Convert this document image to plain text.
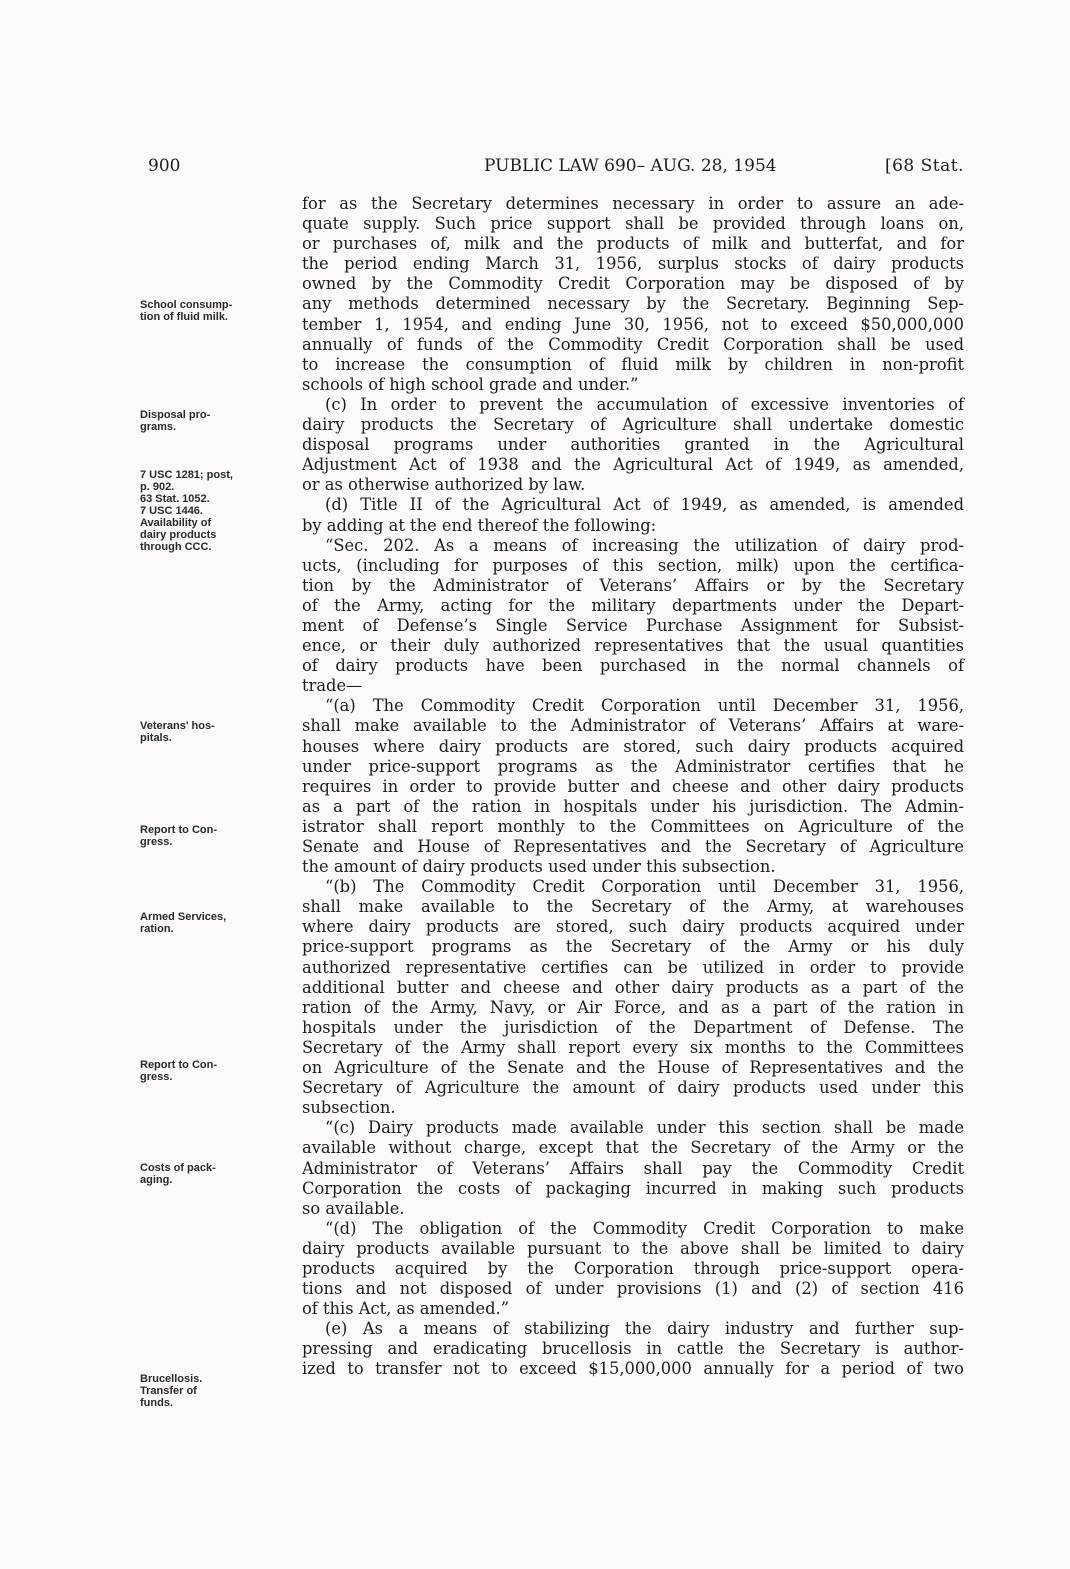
900	PUBLIC LAW 690– AUG. 28, 1954	[68 Stat.
School consump-
tion of fluid milk.
Disposal pro-
grams.
7 USC 1281; post,
p. 902.
63 Stat. 1052.
7 USC 1446.
Availability of
dairy products
through CCC.
Veterans' hos-
pitals.
Report to Con-
gress.
Armed Services,
ration.
Report to Con-
gress.
Costs of pack-
aging.
Brucellosis.
Transfer of
funds.
for as the Secretary determines necessary in order to assure an ade-
quate supply. Such price support shall be provided through loans on,
or purchases of, milk and the products of milk and butterfat, and for
the period ending March 31, 1956, surplus stocks of dairy products
owned by the Commodity Credit Corporation may be disposed of by
any methods determined necessary by the Secretary. Beginning Sep-
tember 1, 1954, and ending June 30, 1956, not to exceed $50,000,000
annually of funds of the Commodity Credit Corporation shall be used
to increase the consumption of fluid milk by children in non-profit
schools of high school grade and under.”
(c) In order to prevent the accumulation of excessive inventories of
dairy products the Secretary of Agriculture shall undertake domestic
disposal programs under authorities granted in the Agricultural
Adjustment Act of 1938 and the Agricultural Act of 1949, as amended,
or as otherwise authorized by law.
(d) Title II of the Agricultural Act of 1949, as amended, is amended
by adding at the end thereof the following:
“Sec. 202. As a means of increasing the utilization of dairy prod-
ucts, (including for purposes of this section, milk) upon the certifica-
tion by the Administrator of Veterans’ Affairs or by the Secretary
of the Army, acting for the military departments under the Depart-
ment of Defense’s Single Service Purchase Assignment for Subsist-
ence, or their duly authorized representatives that the usual quantities
of dairy products have been purchased in the normal channels of
trade—
“(a) The Commodity Credit Corporation until December 31, 1956,
shall make available to the Administrator of Veterans’ Affairs at ware-
houses where dairy products are stored, such dairy products acquired
under price-support programs as the Administrator certifies that he
requires in order to provide butter and cheese and other dairy products
as a part of the ration in hospitals under his jurisdiction. The Admin-
istrator shall report monthly to the Committees on Agriculture of the
Senate and House of Representatives and the Secretary of Agriculture
the amount of dairy products used under this subsection.
“(b) The Commodity Credit Corporation until December 31, 1956,
shall make available to the Secretary of the Army, at warehouses
where dairy products are stored, such dairy products acquired under
price-support programs as the Secretary of the Army or his duly
authorized representative certifies can be utilized in order to provide
additional butter and cheese and other dairy products as a part of the
ration of the Army, Navy, or Air Force, and as a part of the ration in
hospitals under the jurisdiction of the Department of Defense. The
Secretary of the Army shall report every six months to the Committees
on Agriculture of the Senate and the House of Representatives and the
Secretary of Agriculture the amount of dairy products used under this
subsection.
“(c) Dairy products made available under this section shall be made
available without charge, except that the Secretary of the Army or the
Administrator of Veterans’ Affairs shall pay the Commodity Credit
Corporation the costs of packaging incurred in making such products
so available.
“(d) The obligation of the Commodity Credit Corporation to make
dairy products available pursuant to the above shall be limited to dairy
products acquired by the Corporation through price-support opera-
tions and not disposed of under provisions (1) and (2) of section 416
of this Act, as amended.”
(e) As a means of stabilizing the dairy industry and further sup-
pressing and eradicating brucellosis in cattle the Secretary is author-
ized to transfer not to exceed $15,000,000 annually for a period of two
